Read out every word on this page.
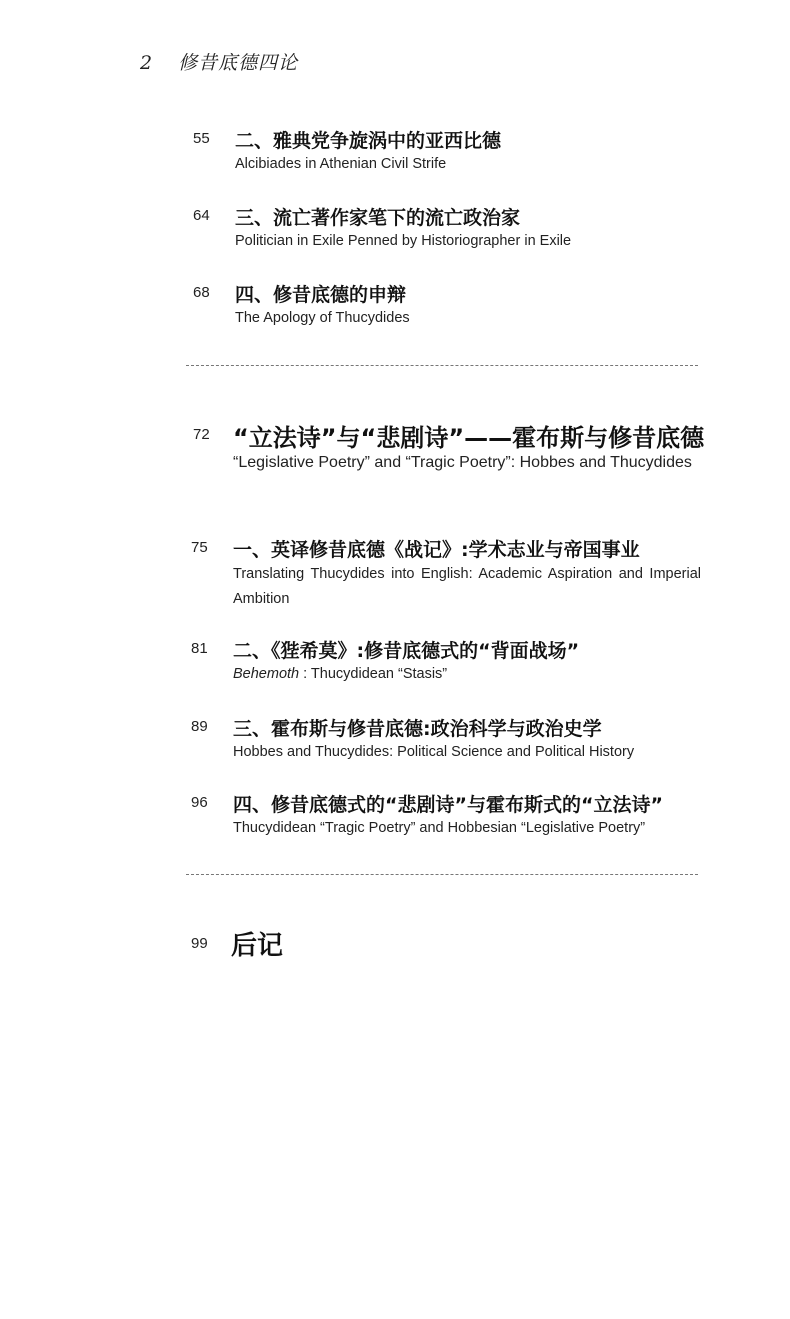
2 修昔底德四论
55 二、雅典党争旋涡中的亚西比德
Alcibiades in Athenian Civil Strife
64 三、流亡著作家笔下的流亡政治家
Politician in Exile Penned by Historiographer in Exile
68 四、修昔底德的申辩
The Apology of Thucydides
72 “立法诗”与“悲剧诗”——霍布斯与修昔底德
“Legislative Poetry” and “Tragic Poetry”: Hobbes and Thucydides
75 一、英译修昔底德《战记》:学术志业与帝国事业
Translating Thucydides into English: Academic Aspiration and Imperial Ambition
81 二、《狴希莫》:修昔底德式的“背面战场”
Behemoth : Thucydidean “Stasis”
89 三、霍布斯与修昔底德:政治科学与政治史学
Hobbes and Thucydides: Political Science and Political History
96 四、修昔底德式的“悲剧诗”与霍布斯式的“立法诗”
Thucydidean “Tragic Poetry” and Hobbesian “Legislative Poetry”
99 后记
